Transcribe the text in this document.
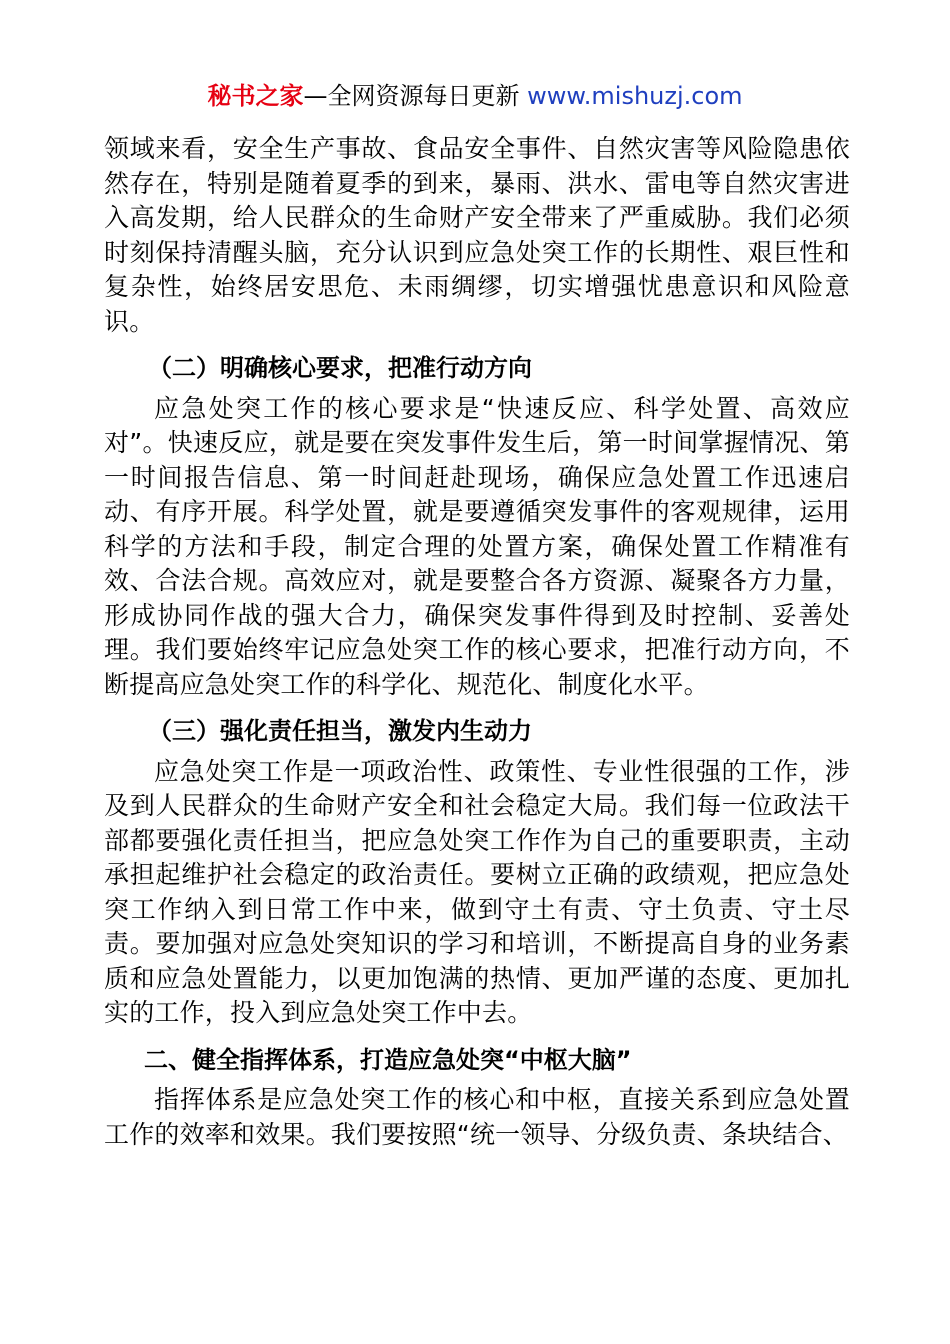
秘书之家—全网资源每日更新 www.mishuzj.com

领域来看，安全生产事故、食品安全事件、自然灾害等风险隐患依然存在，特别是随着夏季的到来，暴雨、洪水、雷电等自然灾害进入高发期，给人民群众的生命财产安全带来了严重威胁。我们必须时刻保持清醒头脑，充分认识到应急处突工作的长期性、艰巨性和复杂性，始终居安思危、未雨绸缪，切实增强忧患意识和风险意识。

（二）明确核心要求，把准行动方向

应急处突工作的核心要求是“快速反应、科学处置、高效应对”。快速反应，就是要在突发事件发生后，第一时间掌握情况、第一时间报告信息、第一时间赶赴现场，确保应急处置工作迅速启动、有序开展。科学处置，就是要遵循突发事件的客观规律，运用科学的方法和手段，制定合理的处置方案，确保处置工作精准有效、合法合规。高效应对，就是要整合各方资源、凝聚各方力量，形成协同作战的强大合力，确保突发事件得到及时控制、妥善处理。我们要始终牢记应急处突工作的核心要求，把准行动方向，不断提高应急处突工作的科学化、规范化、制度化水平。

（三）强化责任担当，激发内生动力

应急处突工作是一项政治性、政策性、专业性很强的工作，涉及到人民群众的生命财产安全和社会稳定大局。我们每一位政法干部都要强化责任担当，把应急处突工作作为自己的重要职责，主动承担起维护社会稳定的政治责任。要树立正确的政绩观，把应急处突工作纳入到日常工作中来，做到守土有责、守土负责、守土尽责。要加强对应急处突知识的学习和培训，不断提高自身的业务素质和应急处置能力，以更加饱满的热情、更加严谨的态度、更加扎实的工作，投入到应急处突工作中去。

二、健全指挥体系，打造应急处突“中枢大脑”

指挥体系是应急处突工作的核心和中枢，直接关系到应急处置工作的效率和效果。我们要按照“统一领导、分级负责、条块结合、
